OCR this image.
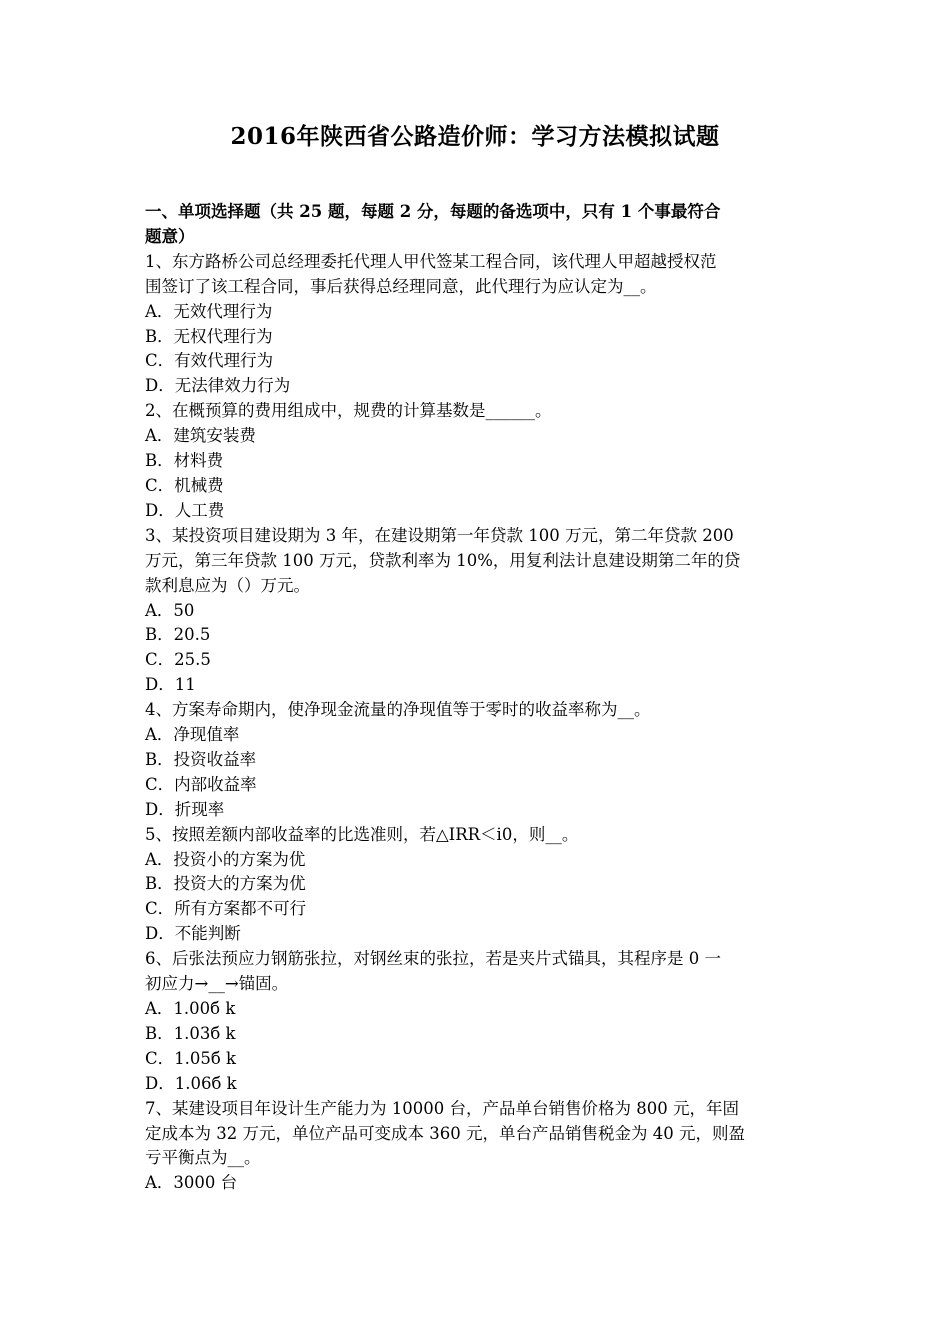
2016年陕西省公路造价师：学习方法模拟试题
一、单项选择题（共 25 题，每题 2 分，每题的备选项中，只有 1 个事最符合
题意）
1、东方路桥公司总经理委托代理人甲代签某工程合同，该代理人甲超越授权范
围签订了该工程合同，事后获得总经理同意，此代理行为应认定为__。
A．无效代理行为
B．无权代理行为
C．有效代理行为
D．无法律效力行为
2、在概预算的费用组成中，规费的计算基数是______。
A．建筑安装费
B．材料费
C．机械费
D．人工费
3、某投资项目建设期为 3 年，在建设期第一年贷款 100 万元，第二年贷款 200
万元，第三年贷款 100 万元，贷款利率为 10%，用复利法计息建设期第二年的贷
款利息应为（）万元。
A．50
B．20.5
C．25.5
D．11
4、方案寿命期内，使净现金流量的净现值等于零时的收益率称为__。
A．净现值率
B．投资收益率
C．内部收益率
D．折现率
5、按照差额内部收益率的比选准则，若△IRR＜i0，则__。
A．投资小的方案为优
B．投资大的方案为优
C．所有方案都不可行
D．不能判断
6、后张法预应力钢筋张拉，对钢丝束的张拉，若是夹片式锚具，其程序是 0 一
初应力→__→锚固。
A．1.00б k
B．1.03б k
C．1.05б k
D．1.06б k
7、某建设项目年设计生产能力为 10000 台，产品单台销售价格为 800 元，年固
定成本为 32 万元，单位产品可变成本 360 元，单台产品销售税金为 40 元，则盈
亏平衡点为__。
A．3000 台
